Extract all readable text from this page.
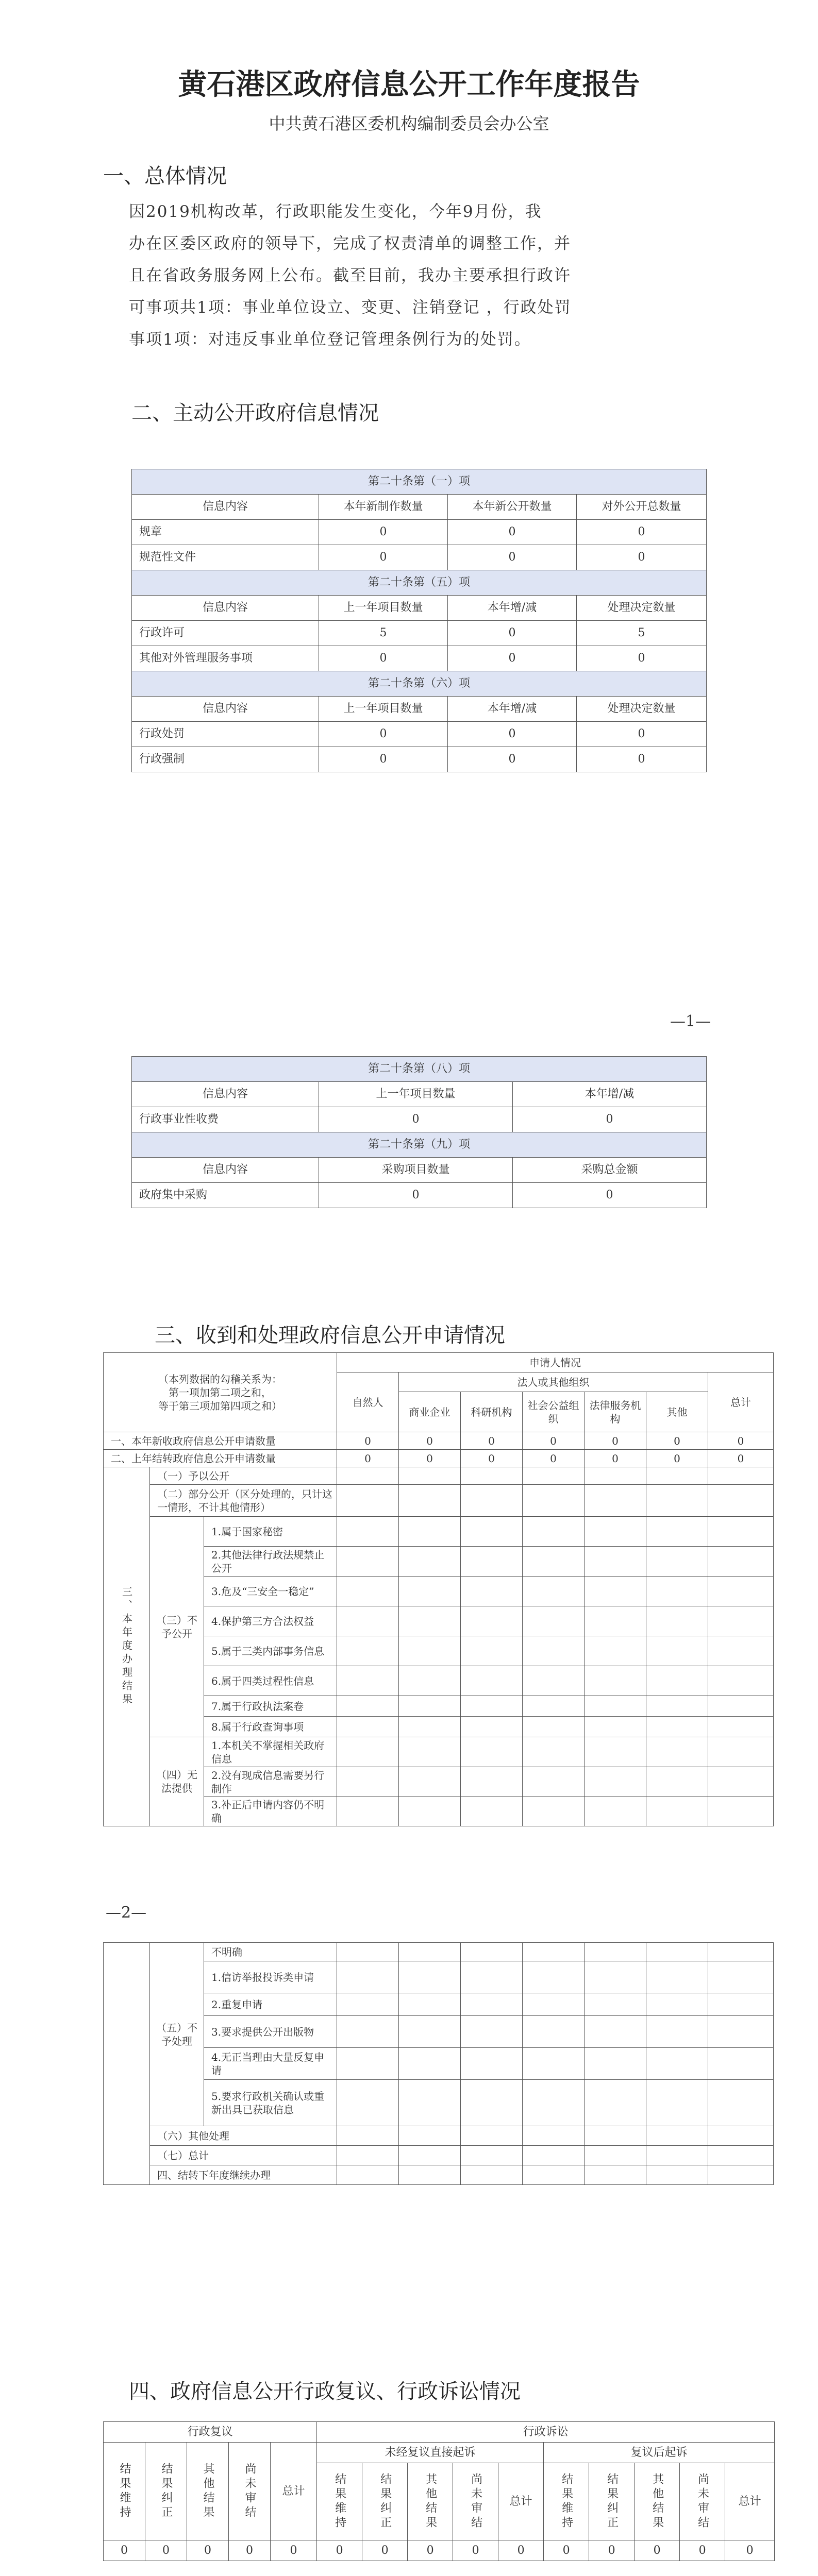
黄石港区政府信息公开工作年度报告
中共黄石港区委机构编制委员会办公室
一、总体情况
因2019机构改革，行政职能发生变化，今年9月份，我
办在区委区政府的领导下，完成了权责清单的调整工作，并
且在省政务服务网上公布。截至目前，我办主要承担行政许
可事项共1项：事业单位设立、变更、注销登记 ，行政处罚
事项1项：对违反事业单位登记管理条例行为的处罚。
二、主动公开政府信息情况
第二十条第（一）项			
信息内容	本年新制作数量	本年新公开数量	对外公开总数量
规章	0	0	0
规范性文件	0	0	0
第二十条第（五）项			
信息内容	上一年项目数量	本年增/减	处理决定数量
行政许可	5	0	5
其他对外管理服务事项	0	0	0
第二十条第（六）项			
信息内容	上一年项目数量	本年增/减	处理决定数量
行政处罚	0	0	0
行政强制	0	0	0
—1—
第二十条第（八）项		
信息内容	上一年项目数量	本年增/减
行政事业性收费	0	0
第二十条第（九）项		
信息内容	采购项目数量	采购总金额
政府集中采购	0	0
三、收到和处理政府信息公开申请情况
（本列数据的勾稽关系为：
第一项加第二项之和，
等于第三项加第四项之和）			申请人情况						
			自然人	法人或其他组织					总计
				商业企业	科研机构	社会公益组织	法律服务机构	其他	
一、本年新收政府信息公开申请数量			0	0	0	0	0	0	0
二、上年结转政府信息公开申请数量			0	0	0	0	0	0	0
三、本年度办理结果	（一）予以公开								
	（二）部分公开（区分处理的，只计这一情形，不计其他情形）								
	（三）不予公开	1.属于国家秘密							
		2.其他法律行政法规禁止公开							
		3.危及“三安全一稳定”							
		4.保护第三方合法权益							
		5.属于三类内部事务信息							
		6.属于四类过程性信息							
		7.属于行政执法案卷							
		8.属于行政查询事项							
	（四）无法提供	1.本机关不掌握相关政府信息							
		2.没有现成信息需要另行制作							
		3.补正后申请内容仍不明确							
—2—
	（五）不予处理	不明确							
		1.信访举报投诉类申请							
		2.重复申请							
		3.要求提供公开出版物							
		4.无正当理由大量反复申请							
		5.要求行政机关确认或重新出具已获取信息							
	（六）其他处理								
	（七）总计								
	四、结转下年度继续办理								
四、政府信息公开行政复议、行政诉讼情况
行政复议					行政诉讼									
结果维持	结果纠正	其他结果	尚未审结	总计	未经复议直接起诉					复议后起诉				
					结果维持	结果纠正	其他结果	尚未审结	总计	结果维持	结果纠正	其他结果	尚未审结	总计
0	0	0	0	0	0	0	0	0	0	0	0	0	0	0
